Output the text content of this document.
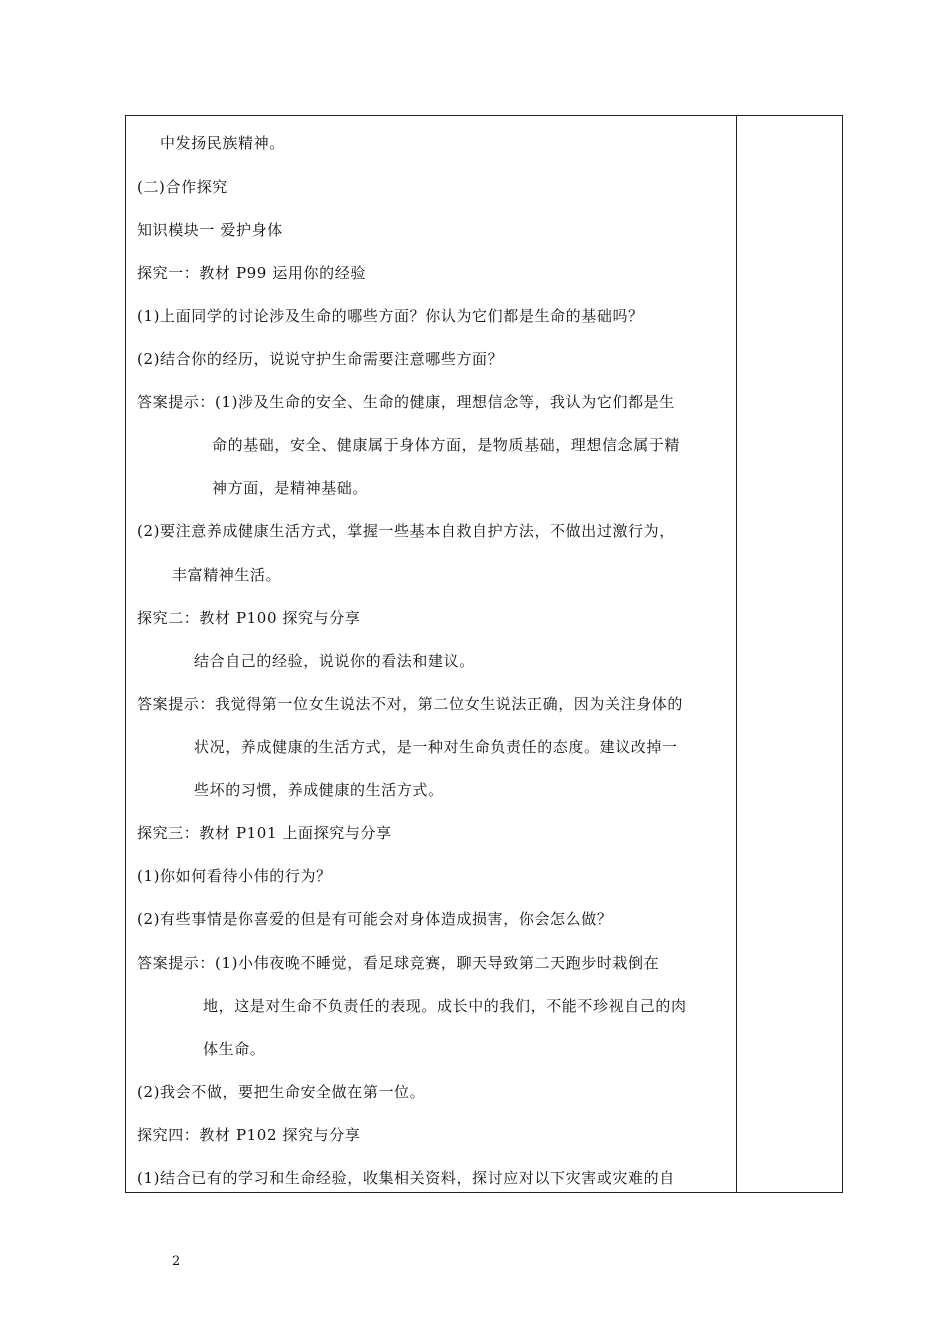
中发扬民族精神。
(二)合作探究
知识模块一 爱护身体
探究一：教材 P99 运用你的经验
(1)上面同学的讨论涉及生命的哪些方面？你认为它们都是生命的基础吗？
(2)结合你的经历，说说守护生命需要注意哪些方面？
答案提示：(1)涉及生命的安全、生命的健康，理想信念等，我认为它们都是生
命的基础，安全、健康属于身体方面，是物质基础，理想信念属于精
神方面，是精神基础。
(2)要注意养成健康生活方式，掌握一些基本自救自护方法，不做出过激行为，
丰富精神生活。
探究二：教材 P100 探究与分享
结合自己的经验，说说你的看法和建议。
答案提示：我觉得第一位女生说法不对，第二位女生说法正确，因为关注身体的
状况，养成健康的生活方式，是一种对生命负责任的态度。建议改掉一
些坏的习惯，养成健康的生活方式。
探究三：教材 P101 上面探究与分享
(1)你如何看待小伟的行为？
(2)有些事情是你喜爱的但是有可能会对身体造成损害，你会怎么做？
答案提示：(1)小伟夜晚不睡觉，看足球竞赛，聊天导致第二天跑步时栽倒在
地，这是对生命不负责任的表现。成长中的我们，不能不珍视自己的肉
体生命。
(2)我会不做，要把生命安全做在第一位。
探究四：教材 P102 探究与分享
(1)结合已有的学习和生命经验，收集相关资料，探讨应对以下灾害或灾难的自
2
